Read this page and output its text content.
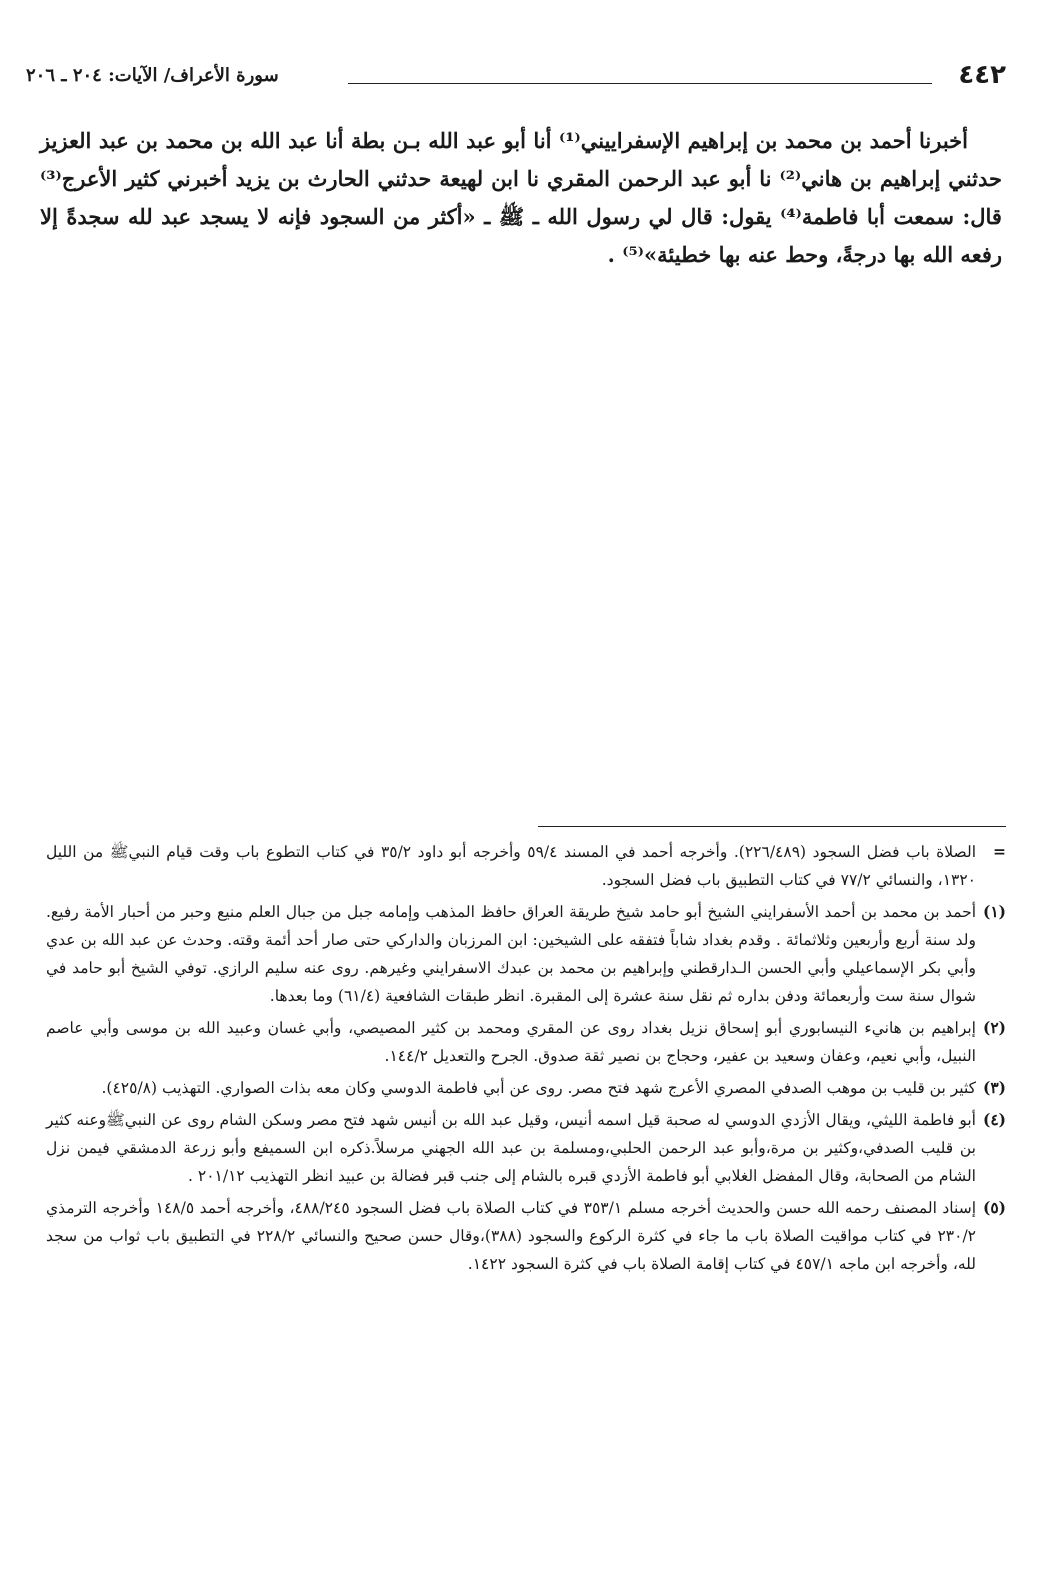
٤٤٢
سورة الأعراف/ الآيات: ٢٠٤ ـ ٢٠٦

أخبرنا أحمد بن محمد بن إبراهيم الإسفراييني⁽¹⁾ أنا أبو عبد الله بـن بطة أنا عبد الله بن محمد بن عبد العزيز حدثني إبراهيم بن هاني⁽²⁾ نا أبو عبد الرحمن المقري نا ابن لهيعة حدثني الحارث بن يزيد أخبرني كثير الأعرج⁽³⁾ قال: سمعت أبا فاطمة⁽⁴⁾ يقول: قال لي رسول الله ـ ﷺ ـ «أكثر من السجود فإنه لا يسجد عبد لله سجدةً إلا رفعه الله بها درجةً، وحط عنه بها خطيئة»⁽⁵⁾ .

=
الصلاة باب فضل السجود (٢٢٦/٤٨٩). وأخرجه أحمد في المسند ٥٩/٤ وأخرجه أبو داود ٣٥/٢ في كتاب التطوع باب وقت قيام النبيﷺ من الليل ١٣٢٠، والنسائي ٧٧/٢ في كتاب التطبيق باب فضل السجود.
(١)
أحمد بن محمد بن أحمد الأسفرايني الشيخ أبو حامد شيخ طريقة العراق حافظ المذهب وإمامه جبل من جبال العلم منيع وحبر من أحبار الأمة رفيع. ولد سنة أربع وأربعين وثلاثمائة . وقدم بغداد شاباً فتفقه على الشيخين: ابن المرزبان والداركي حتى صار أحد أئمة وقته. وحدث عن عبد الله بن عدي وأبي بكر الإسماعيلي وأبي الحسن الـدارقطني وإبراهيم بن محمد بن عبدك الاسفرايني وغيرهم. روى عنه سليم الرازي. توفي الشيخ أبو حامد في شوال سنة ست وأربعمائة ودفن بداره ثم نقل سنة عشرة إلى المقبرة. انظر طبقات الشافعية (٦١/٤) وما بعدها.
(٢)
إبراهيم بن هانيء النيسابوري أبو إسحاق نزيل بغداد روى عن المقري ومحمد بن كثير المصيصي، وأبي غسان وعبيد الله بن موسى وأبي عاصم النبيل، وأبي نعيم، وعفان وسعيد بن عفير، وحجاج بن نصير ثقة صدوق. الجرح والتعديل ١٤٤/٢.
(٣)
كثير بن قليب بن موهب الصدفي المصري الأعرج شهد فتح مصر. روى عن أبي فاطمة الدوسي وكان معه بذات الصواري. التهذيب (٤٢٥/٨).
(٤)
أبو فاطمة الليثي، ويقال الأزدي الدوسي له صحبة قيل اسمه أنيس، وقيل عبد الله بن أنيس شهد فتح مصر وسكن الشام روى عن النبيﷺوعنه كثير بن قليب الصدفي،وكثير بن مرة،وأبو عبد الرحمن الحلبي،ومسلمة بن عبد الله الجهني مرسلاً.ذكره ابن السميفع وأبو زرعة الدمشقي فيمن نزل الشام من الصحابة، وقال المفضل الغلابي أبو فاطمة الأزدي قبره بالشام إلى جنب قبر فضالة بن عبيد انظر التهذيب ٢٠١/١٢ .
(٥)
إسناد المصنف رحمه الله حسن والحديث أخرجه مسلم ٣٥٣/١ في كتاب الصلاة باب فضل السجود ٤٨٨/٢٤٥، وأخرجه أحمد ١٤٨/٥ وأخرجه الترمذي ٢٣٠/٢ في كتاب مواقيت الصلاة باب ما جاء في كثرة الركوع والسجود (٣٨٨)،وقال حسن صحيح والنسائي ٢٢٨/٢ في التطبيق باب ثواب من سجد لله، وأخرجه ابن ماجه ٤٥٧/١ في كتاب إقامة الصلاة باب في كثرة السجود ١٤٢٢.
